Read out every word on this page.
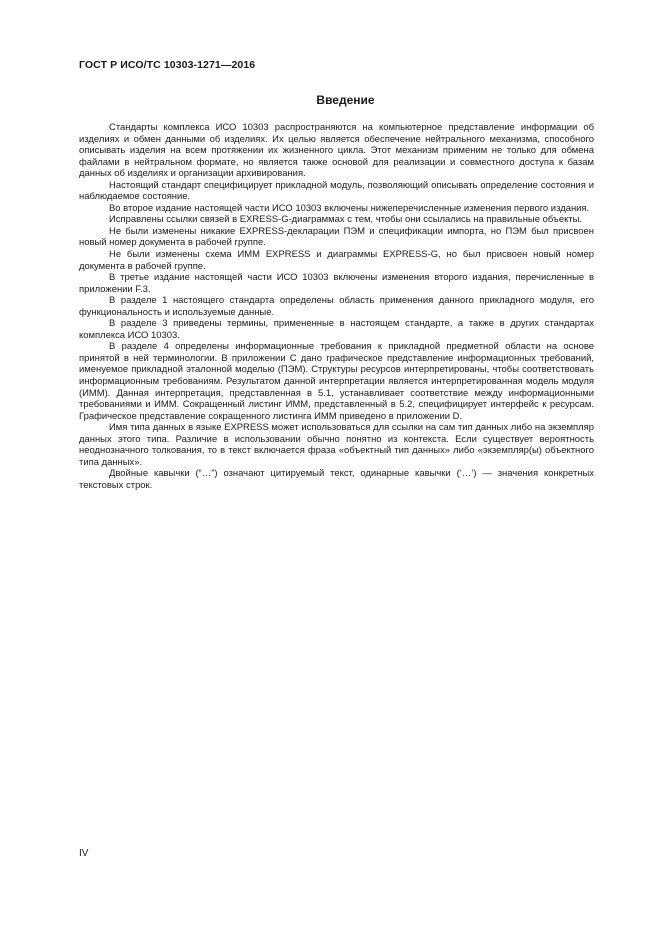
ГОСТ Р ИСО/ТС 10303-1271—2016
Введение

Стандарты комплекса ИСО 10303 распространяются на компьютерное представление информации об изделиях и обмен данными об изделиях. Их целью является обеспечение нейтрального механизма, способного описывать изделия на всем протяжении их жизненного цикла. Этот механизм применим не только для обмена файлами в нейтральном формате, но является также основой для реализации и совместного доступа к базам данных об изделиях и организации архивирования.

Настоящий стандарт специфицирует прикладной модуль, позволяющий описывать определение состояния и наблюдаемое состояние.

Во второе издание настоящей части ИСО 10303 включены нижеперечисленные изменения первого издания.

Исправлены ссылки связей в EXRESS-G-диаграммах с тем, чтобы они ссылались на правильные объекты.

Не были изменены никакие EXPRESS-декларации ПЭМ и спецификации импорта, но ПЭМ был присвоен новый номер документа в рабочей группе.

Не были изменены схема ИММ EXPRESS и диаграммы EXPRESS-G, но был присвоен новый номер документа в рабочей группе.

В третье издание настоящей части ИСО 10303 включены изменения второго издания, перечисленные в приложении F.3.

В разделе 1 настоящего стандарта определены область применения данного прикладного модуля, его функциональность и используемые данные.

В разделе 3 приведены термины, примененные в настоящем стандарте, а также в других стандартах комплекса ИСО 10303.

В разделе 4 определены информационные требования к прикладной предметной области на основе принятой в ней терминологии. В приложении С дано графическое представление информационных требований, именуемое прикладной эталонной моделью (ПЭМ). Структуры ресурсов интерпретированы, чтобы соответствовать информационным требованиям. Результатом данной интерпретации является интерпретированная модель модуля (ИММ). Данная интерпретация, представленная в 5.1, устанавливает соответствие между информационными требованиями и ИММ. Сокращенный листинг ИММ, представленный в 5.2, специфицирует интерфейс к ресурсам. Графическое представление сокращенного листинга ИММ приведено в приложении D.

Имя типа данных в языке EXPRESS может использоваться для ссылки на сам тип данных либо на экземпляр данных этого типа. Различие в использовании обычно понятно из контекста. Если существует вероятность неоднозначного толкования, то в текст включается фраза «объектный тип данных» либо «экземпляр(ы) объектного типа данных».

Двойные кавычки (“…”) означают цитируемый текст, одинарные кавычки (‘…’) — значения конкретных текстовых строк.

IV
